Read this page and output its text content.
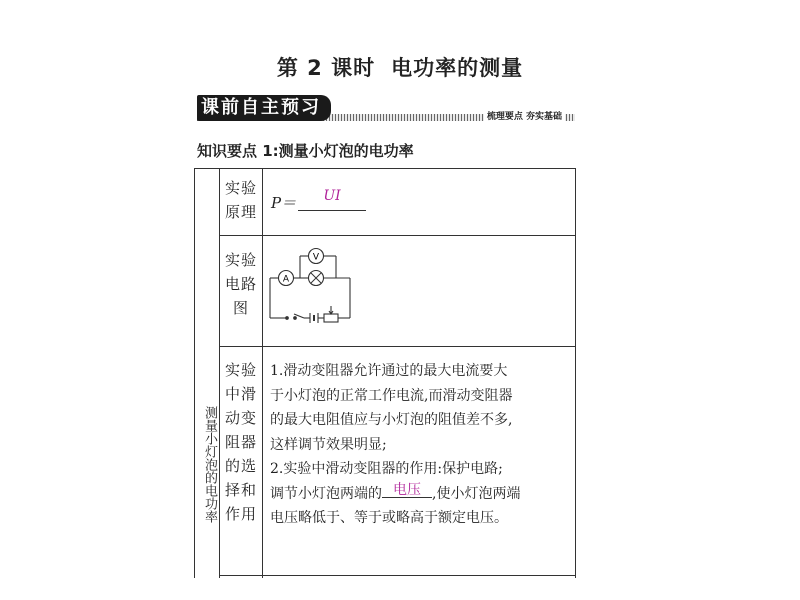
第 2 课时 电功率的测量
课前自主预习	梳理要点 夯实基础
知识要点 1:测量小灯泡的电功率
测量小灯泡的电功率
实验
原理 P＝	UI
实验
电路
图
A
V
实验
中滑
动变
阻器
的选
择和
作用
1.滑动变阻器允许通过的最大电流要大
于小灯泡的正常工作电流,而滑动变阻器
的最大电阻值应与小灯泡的阻值差不多,
这样调节效果明显;
2.实验中滑动变阻器的作用:保护电路;
调节小灯泡两端的 电压 ,使小灯泡两端
电压略低于、等于或略高于额定电压。
